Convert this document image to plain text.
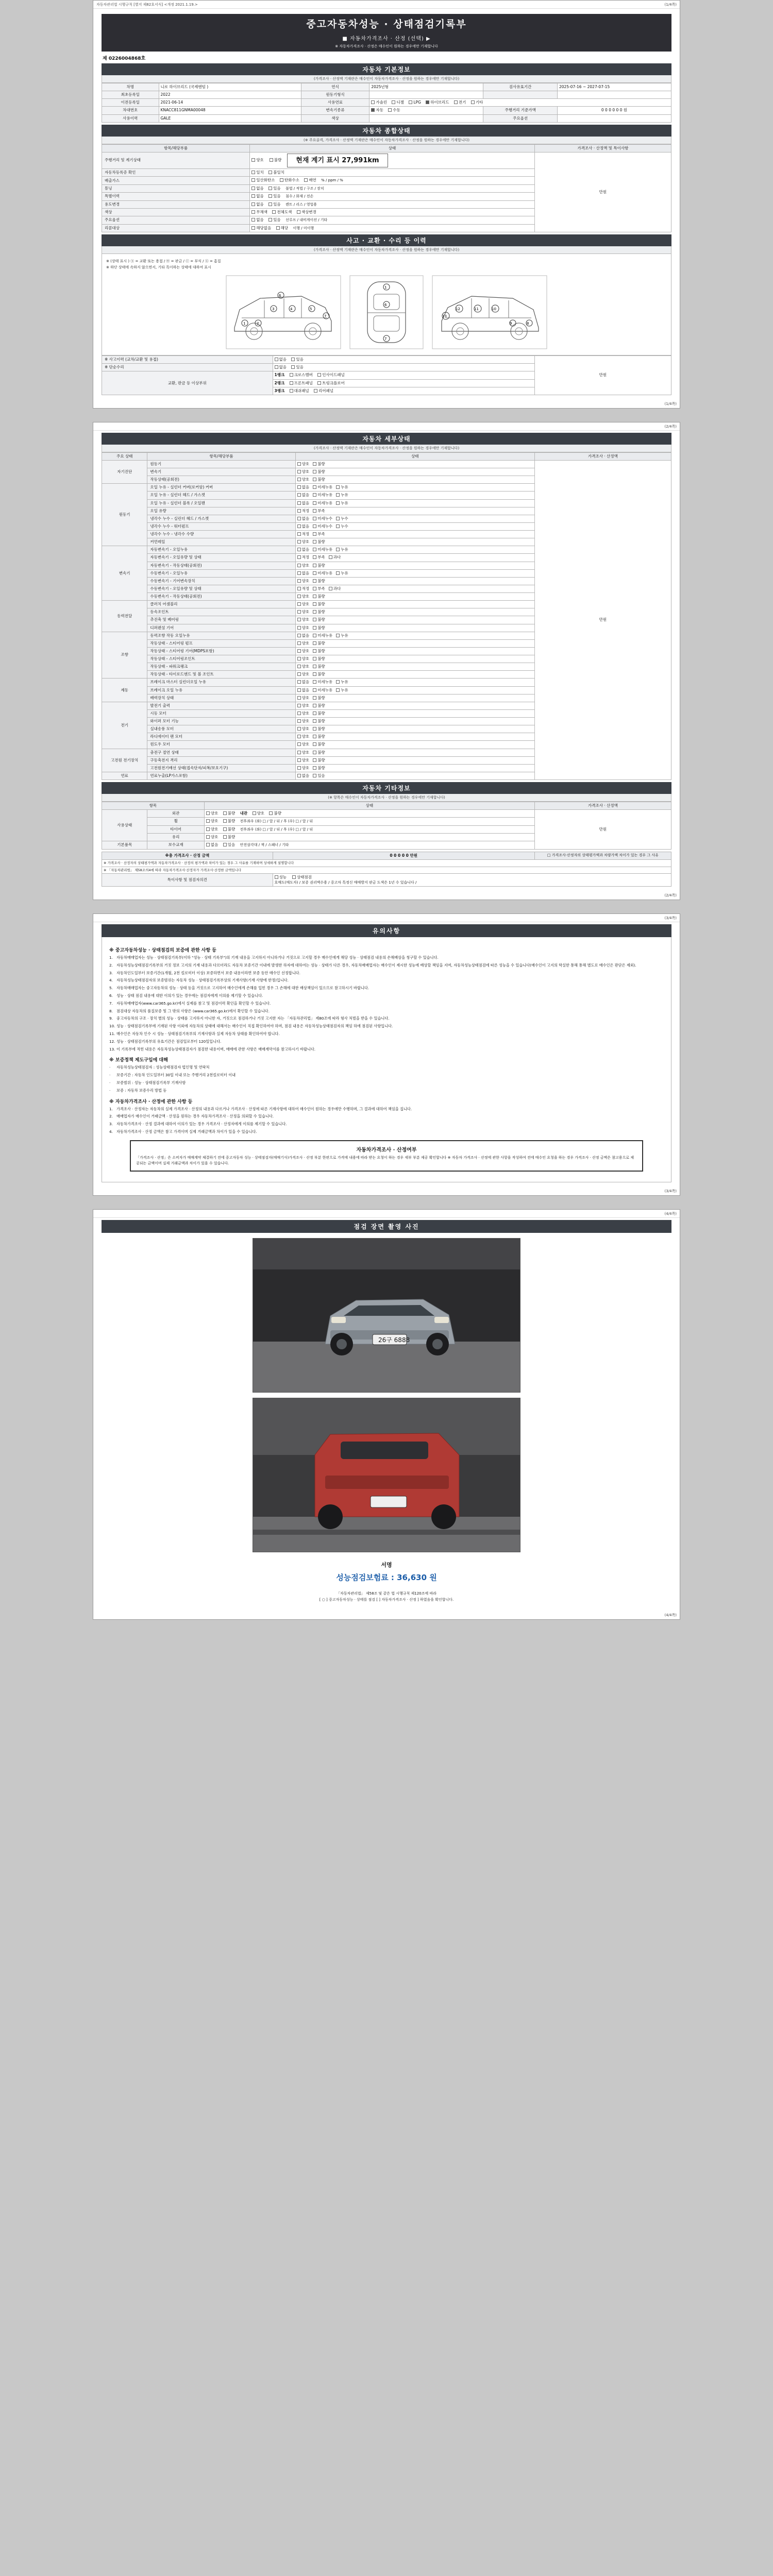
자동차관리법 시행규칙 [별지 제82호서식] <개정 2021.1.19.>	(1/4쪽)
중고자동차성능 · 상태점검기록부
■ 자동차가격조사 · 산정 (선택) ▶
※ 자동차가격조사 · 산정은 매수인이 원하는 경우에만 기재합니다
제 0226004868호
자동차 기본정보
(가격조사 · 산정액 기재란은 매수인이 자동차가격조사 · 산정을 원하는 경우에만 기재합니다)
차명	니로 하이브리드 (국제엔텀 )	연식	2025년형	검사유효기간	2025-07-16 ~ 2027-07-15
최초등록일	2022	원동기형식			
이전등록일	2021-06-14	사용연료	가솔린 디젤 LPG 하이브리드 전기 기타		
차대번호	KNACC811GNMA00048	변속기종류	자동 수동	주행거리 기준가액	0 0 0 0 0 0 원
사용이력	GALE	색상		주요옵션	
자동차 종합상태
(※ 주요골격, 가격조사 · 산정액 기재란은 매수인이 자동차가격조사 · 산정을 원하는 경우에만 기재합니다)
항목/해당부품	상태	가격조사 · 산정액 및 특이사항
주행거리 및 계기상태	양호 불량 현재 계기 표시 27,991km	만원
자동차등록증 확인	일치 불일치	
배출가스	일산화탄소 탄화수소 매연 % / ppm / %	
튜닝	없음 있음 불법 / 적법 / 구조 / 장치	
특별이력	없음 있음 침수 / 화재 / 전손	
용도변경	없음 있음 렌트 / 리스 / 영업용	
색상	무채색 전체도색 색상변경	
주요옵션	없음 있음 선루프 / 내비게이션 / 기타	
리콜대상	해당없음 해당 이행 / 미이행	
사고 · 교환 · 수리 등 이력
(가격조사 · 산정액 기재란은 매수인이 자동차가격조사 · 산정을 원하는 경우에만 기재합니다)
※ (상태 표시 ) ⓧ = 교환 또는 용접 / ⓦ = 판금 / ⓒ = 부식 / ⓐ = 흠집
※ 하단 상태에 속하지 않으면서, 기타 특이하는 상태에 대하여 표시
1	2
3	4	5
6
7
1
6
7
8
9
10
11
12
13
※ 사고이력 (교차/교환 및 용접)	없음 있음	만원
※ 단순수리	없음 있음	
교환, 판금 등 이상부위	1랭크 크로스멤버 인사이드패널	
	2랭크 프론트패널 트렁크플로어	
	3랭크 대쉬패널 리어패널	
(1/4쪽)
(2/4쪽)
자동차 세부상태
(가격조사 · 산정액 기재란은 매수인이 자동차가격조사 · 산정을 원하는 경우에만 기재합니다)
주요 상태	항목/해당부품	상태	가격조사 · 산정액
자기진단	원동기	양호 불량	만원
	변속기	양호 불량	
	작동상태(공회전)	양호 불량	
원동기	오일 누유 - 실린더 커버(로커암) 커버	없음 미세누유 누유	
	오일 누유 - 실린더 헤드 / 가스켓	없음 미세누유 누유	
	오일 누유 - 실린더 블록 / 오일팬	없음 미세누유 누유	
	오일 유량	적정 부족	
	냉각수 누수 - 실린더 헤드 / 가스켓	없음 미세누수 누수	
	냉각수 누수 - 워터펌프	없음 미세누수 누수	
	냉각수 누수 - 냉각수 수량	적정 부족	
	커먼레일	양호 불량	
변속기	자동변속기 - 오일누유	없음 미세누유 누유	
	자동변속기 - 오일유량 및 상태	적정 부족 과다	
	자동변속기 - 작동상태(공회전)	양호 불량	
	수동변속기 - 오일누유	없음 미세누유 누유	
	수동변속기 - 기어변속장치	양호 불량	
	수동변속기 - 오일유량 및 상태	적정 부족 과다	
	수동변속기 - 작동상태(공회전)	양호 불량	
동력전달	클러치 어셈블리	양호 불량	
	등속조인트	양호 불량	
	추진축 및 베어링	양호 불량	
	디퍼렌셜 기어	양호 불량	
조향	동력조향 작동 오일누유	없음 미세누유 누유	
	작동상태 - 스티어링 펌프	양호 불량	
	작동상태 - 스티어링 기어(MDPS포함)	양호 불량	
	작동상태 - 스티어링조인트	양호 불량	
	작동상태 - 파워크랭크	양호 불량	
	작동상태 - 타이로드엔드 및 볼 조인트	양호 불량	
제동	브레이크 마스터 실린더오일 누유	없음 미세누유 누유	
	브레이크 오일 누유	없음 미세누유 누유	
	배력장치 상태	양호 불량	
전기	발전기 출력	양호 불량	
	시동 모터	양호 불량	
	와이퍼 모터 기능	양호 불량	
	실내송풍 모터	양호 불량	
	라디에이터 팬 모터	양호 불량	
	윈도우 모터	양호 불량	
고전원 전기장치	충전구 절연 상태	양호 불량	
	구동축전지 격리	양호 불량	
	고전원전기배선 상태(접속단자/피복/보호기구)	양호 불량	
연료	연료누출(LP가스포함)	없음 있음	
자동차 기타정보
(※ 항목은 매수인이 자동차가격조사 · 산정을 원하는 경우에만 기재합니다)
항목		상태	가격조사 · 산정액
사용상태	외관	양호 불량 내관 양호 불량	만원
	휠	양호 불량 전후좌우 (좌) □ / 앞 / 뒤 / 후 (우) □ / 앞 / 뒤	
	타이어	양호 불량 전후좌우 (좌) □ / 앞 / 뒤 / 후 (우) □ / 앞 / 뒤	
	유리	양호 불량	
기본품목	보수교재	없음 있음 안전삼각대 / 잭 / 스패너 / 기타	
※총 가격조사 · 산정 금액	0 0 0 0 0 만원	□ 가격조사·산정자의 상태평가액과 차량가액 차이가 있는 경우 그 사유
※ 가격조사 · 산정자의 상태평가액과 자동차가격조사 · 산정의 평가액과 차이가 있는 경우 그 사유를 기재하며 상세하게 설명합니다		
※ 「자동차관리법」 제58조의4에 따라 자동차가격조사·산정자가 가격조사·산정한 금액입니다		
특이사항 및 점검자의견	성능 상태점검
호매도(매도자) / 보증 권리액수용 / 중고차 특정신 매매방지 판금 도색은 1년 수 있습니다 /	
(2/4쪽)
(3/4쪽)
유의사항
※ 중고자동차성능 · 상태점검의 보증에 관한 사항 등
1. 자동차매매업자는 성능 · 상태점검기록부(이하 "성능 · 상태 기록부")의 기재 내용을 고지하지 아니하거나 거짓으로 고지할 경우 매수인에게 해당 성능 · 상태점검 내용의 손해배상을 청구할 수 있습니다.
2. 자동차성능상태점검기록부의 거짓 정보 고지의 기재 내용과 다르더라도 자동차 보증기간 이내에 발생한 하자에 대하여는 성능 · 상태가 다른 경우, 자동차매매업자는 매수인이 제시한 성능에 배상할 책임을 지며, 자동차성능상태점검에 따른 성능을 수 있습니다(매수인이 고지의 학실한 통해 통해 별도로 매수인은 판단은 제외).
3. 자동차인도일부터 보증기간(1개월, 2천 킬로미터 이상) 보증하면서 보증 내용이라면 보증 동안 매수인 선정합니다.
4. 자동차성능상태점검자의 보증범위는 자동차 성능 · 상태점검기록부상의 기재사항(기재 사항에 한정)입니다.
5. 자동차매매업자는 중고자동차의 성능 · 상태 등을 거짓으로 고지하여 매수인에게 손해를 입힌 경우 그 손해에 대한 배상책임이 있으므로 참고하시기 바랍니다.
6. 성능 · 상태 점검 내용에 대한 이의가 있는 경우에는 점검자에게 이의를 제기할 수 있습니다.
7. 자동차매매업자(www.car365.go.kr)에서 실제를 참고 및 점검이력 확인을 확인할 수 있습니다.
8. 점검대상 자동차의 품질보증 및 그 밖의 사항은 (www.car365.go.kr)에서 확인할 수 있습니다.
9. 중고자동차의 구조 · 장치 별의 성능 · 상태를 고지하지 아니한 자, 거짓으로 점검하거나 거짓 고지한 자는 「자동차관리법」 제80조에 따라 형사 처벌을 받을 수 있습니다.
10. 성능 · 상태점검기록부에 기재된 사항 이외에 자동차의 상태에 대해서는 매수인이 직접 확인하여야 하며, 점검 내용은 자동차성능상태점검자의 책임 하에 점검된 사항입니다.
11. 매수인은 자동차 인수 시 성능 · 상태점검기록부의 기재사항과 실제 자동차 상태를 확인하여야 합니다.
12. 성능 · 상태점검기록부의 유효기간은 점검일로부터 120일입니다.
13. 이 기록부에 적힌 내용은 자동차성능상태점검자가 점검한 내용이며, 매매에 관한 사항은 매매계약서를 참고하시기 바랍니다.
※ 보증정책 제도구입에 대해
·	자동차성능상태점검자 : 성능상태점검자 법인명 및 연락처
·	보증기간 : 자동차 인도일부터 30일 이내 또는 주행거리 2천킬로미터 이내
·	보증범위 : 성능 · 상태점검기록부 기재사항
·	보증 : 자동차 보증수리 방법 등
※ 자동차가격조사 · 산정에 관한 사항 등
1. 가격조사 · 산정자는 자동차의 실제 가격조사 · 산정의 내용과 다르거나 가격조사 · 산정에 따른 기재사항에 대하여 매수인이 원하는 경우에만 수행하며, 그 결과에 대하여 책임을 집니다.
2. 매매업자가 매수인이 거래금액 · 산정을 원하는 경우 자동차가격조사 · 산정을 의뢰할 수 있습니다.
3. 자동차가격조사 · 산정 결과에 대하여 이의가 있는 경우 가격조사 · 산정자에게 이의를 제기할 수 있습니다.
4. 자동차가격조사 · 산정 금액은 참고 가격이며 실제 거래금액과 차이가 있을 수 있습니다.
자동차가격조사 · 산정여부
「가격조사 · 산정」은 소비자가 매매계약 체결하기 전에 중고자동차 성능 · 상태점검자(매매기사)가격조사 · 산정 부분 한편으로 가격에 내용에 따라 받는 요청이 하는 경우 세부 부분 제공 확인합니다 ※ 자동차 가격조사 · 산정에 관한 사항을 작성하여 전에 매수인 요청을 하는 경우 가격조사 · 산정 금액은 참고용으로 제공되는 금액이며 실제 거래금액과 차이가 있을 수 있습니다.
(3/4쪽)
(4/4쪽)
점검 장면 촬영 사진
26구 6888
서명
성능점검보험료 : 36,630 원
「자동차관리법」 제58조 및 같은 법 시행규칙 제120조에 따라
[ ○ ] 중고자동차성능 · 상태를 점검 [ ] 자동차가격조사 · 산정 ] 하였음을 확인합니다.
(4/4쪽)
